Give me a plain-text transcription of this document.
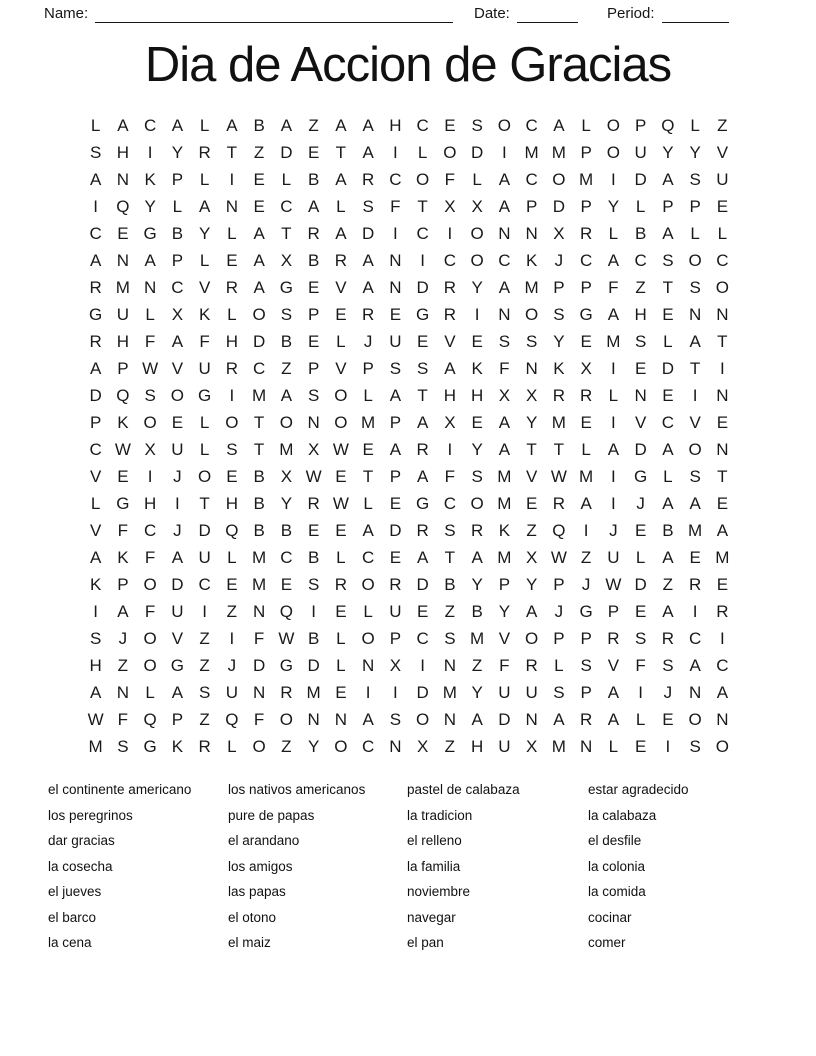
Name:	Date:	Period:
Dia de Accion de Gracias
L A C A L A B A Z A A H C E S O C A L O P Q L	Z
S H	I	Y R T Z D E T A	I	L O D	I	M M P O U Y Y V
A N K P L	I	E L B A R C O F	L A C O M	I	D A S U
I	Q Y L A N E C A L S F T X X A P D P Y L P P E
C E G B Y L A T R A D	I	C	I	O N N X R L B A L	L
A N A P L E A X B R A N	I	C O C K	J C A C S O C
R M N C V R A G E V A N D R Y A M P P F Z T S O
G U L X K L O S P E R E G R	I	N O S G A H E N N
R H F A F H D B E L	J U E V E S S Y E M S L A T
A P W V U R C Z P V P S S A K F N K X	I	E D T	I
D Q S O G	I	M A S O L A T H H X X R R L N E	I	N
P K O E L O T O N O M P A X E A Y M E	I	V C V E
C W X U L S T M X W E A R	I	Y A T T	L A D A O N
V E	I	J O E B X W E T P A F S M V W M	I	G L S T
L G H	I	T H B Y R W L E G C O M E R A	I	J	A A E
V F C J D Q B B E E A D R S R K Z Q	I	J	E B M A
A K F A U L M C B L C E A T A M X W Z U L A E M
K P O D C E M E S R O R D B Y P Y P	J W D Z R E
I	A F U	I	Z N Q	I	E L U E Z B Y A	J G P E A	I	R
S	J O V Z	I	F W B L O P C S M V O P P R S R C	I
H Z O G Z	J D G D L N X	I	N Z F R L S V F S A C
A N L A S U N R M E	I	I	D M Y U U S P A	I	J N A
W F Q P Z Q F O N N A S O N A D N A R A L E O N
M S G K R L O Z Y O C N X Z H U X M N L E	I	S O
el continente americano
los peregrinos
dar gracias
la cosecha
el jueves
el barco
la cena
los nativos americanos
pure de papas
el arandano
los amigos
las papas
el otono
el maiz
pastel de calabaza
la tradicion
el relleno
la familia
noviembre
navegar
el pan
estar agradecido
la calabaza
el desfile
la colonia
la comida
cocinar
comer
